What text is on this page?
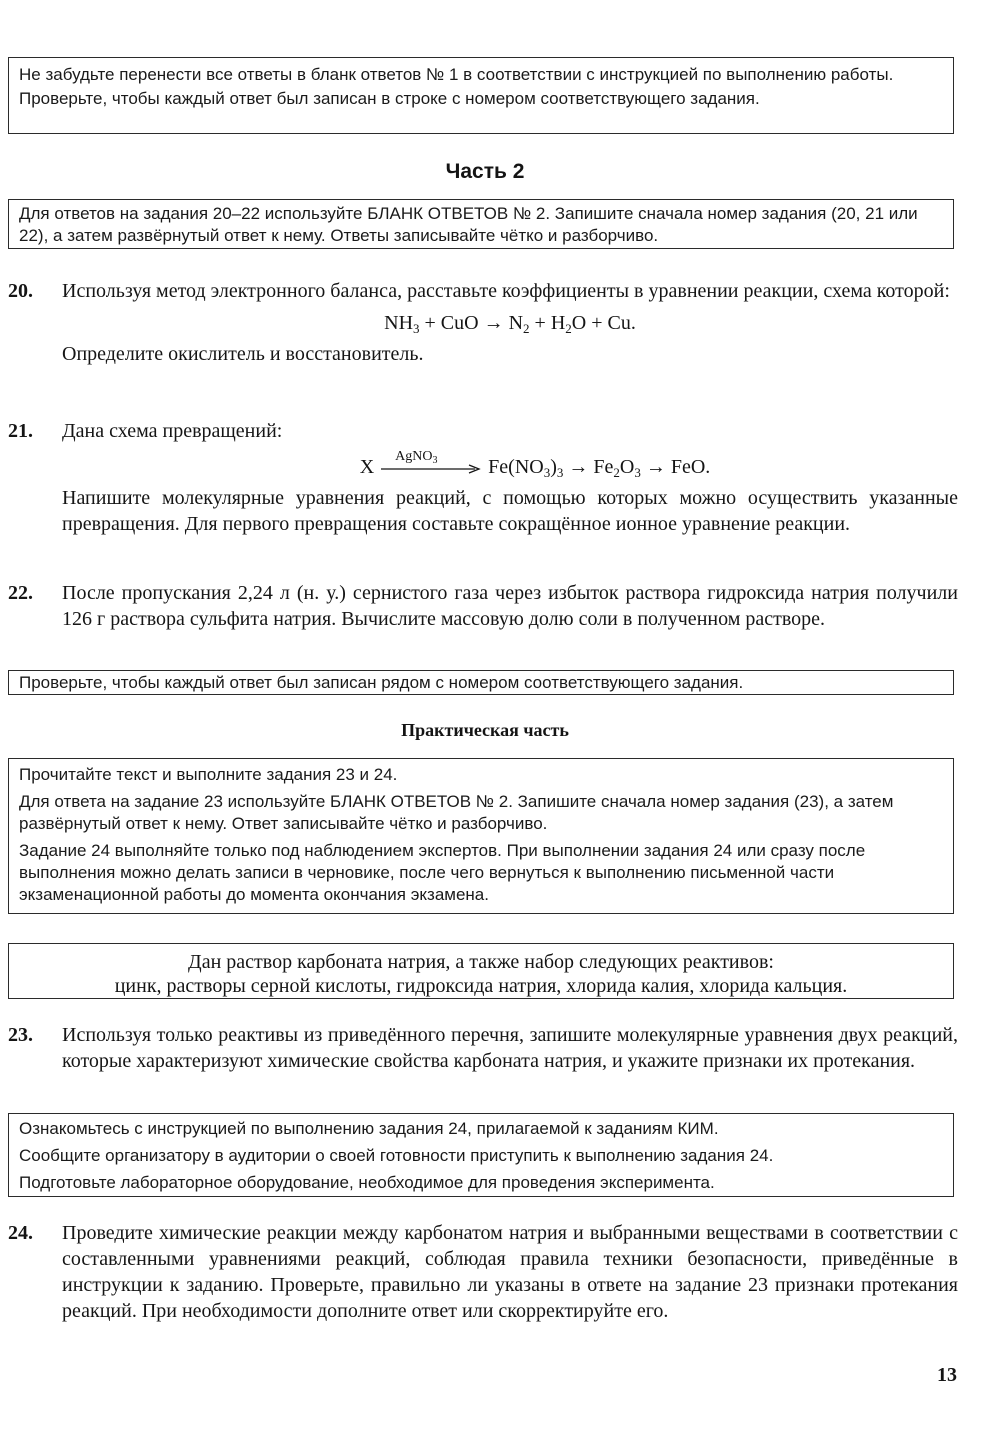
Не забудьте перенести все ответы в бланк ответов № 1 в соответствии с инструкцией по выполнению работы.

Проверьте, чтобы каждый ответ был записан в строке с номером соответствующего задания.

Часть 2

Для ответов на задания 20–22 используйте БЛАНК ОТВЕТОВ № 2. Запишите сначала номер задания (20, 21 или 22), а затем развёрнутый ответ к нему. Ответы записывайте чётко и разборчиво.

20. Используя метод электронного баланса, расставьте коэффициенты в уравнении реакции, схема которой:

$NH_3$ + CuO → $N_2 + H_2O + Cu$.

Определите окислитель и восстановитель.

21. Дана схема превращений:

X AgNO$_3$	$Fe(NO_3)_3 \to Fe_2O_3$ → FeO.

Напишите молекулярные уравнения реакций, с помощью которых можно осуществить указанные превращения. Для первого превращения составьте сокращённое ионное уравнение реакции.

22. После пропускания 2,24 л (н. у.) сернистого газа через избыток раствора гидроксида натрия получили 126 г раствора сульфита натрия. Вычислите массовую долю соли в полученном растворе.

Проверьте, чтобы каждый ответ был записан рядом с номером соответствующего задания.

Практическая часть

Прочитайте текст и выполните задания 23 и 24.

Для ответа на задание 23 используйте БЛАНК ОТВЕТОВ № 2. Запишите сначала номер задания (23), а затем развёрнутый ответ к нему. Ответ записывайте чётко и разборчиво.

Задание 24 выполняйте только под наблюдением экспертов. При выполнении задания 24 или сразу после выполнения можно делать записи в черновике, после чего вернуться к выполнению письменной части экзаменационной работы до момента окончания экзамена.

Дан раствор карбоната натрия, а также набор следующих реактивов:

цинк, растворы серной кислоты, гидроксида натрия, хлорида калия, хлорида кальция.

23. Используя только реактивы из приведённого перечня, запишите молекулярные уравнения двух реакций, которые характеризуют химические свойства карбоната натрия, и укажите признаки их протекания.

Ознакомьтесь с инструкцией по выполнению задания 24, прилагаемой к заданиям КИМ.

Сообщите организатору в аудитории о своей готовности приступить к выполнению задания 24.

Подготовьте лабораторное оборудование, необходимое для проведения эксперимента.

24. Проведите химические реакции между карбонатом натрия и выбранными веществами в соответствии с составленными уравнениями реакций, соблюдая правила техники безопасности, приведённые в инструкции к заданию. Проверьте, правильно ли указаны в ответе на задание 23 признаки протекания реакций. При необходимости дополните ответ или скорректируйте его.

13
